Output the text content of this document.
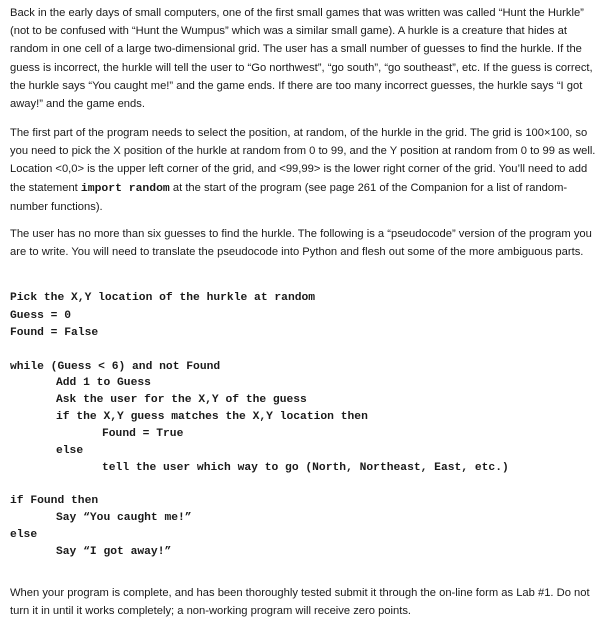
Back in the early days of small computers, one of the first small games that was written was called “Hunt the Hurkle” (not to be confused with “Hunt the Wumpus” which was a similar small game). A hurkle is a creature that hides at random in one cell of a large two-dimensional grid. The user has a small number of guesses to find the hurkle. If the guess is incorrect, the hurkle will tell the user to “Go northwest”, “go south”, “go southeast”, etc. If the guess is correct, the hurkle says “You caught me!” and the game ends. If there are too many incorrect guesses, the hurkle says “I got away!” and the game ends.

The first part of the program needs to select the position, at random, of the hurkle in the grid. The grid is 100×100, so you need to pick the X position of the hurkle at random from 0 to 99, and the Y position at random from 0 to 99 as well. Location <0,0> is the upper left corner of the grid, and <99,99> is the lower right corner of the grid. You’ll need to add the statement import random at the start of the program (see page 261 of the Companion for a list of random-number functions).

The user has no more than six guesses to find the hurkle. The following is a “pseudocode” version of the program you are to write. You will need to translate the pseudocode into Python and flesh out some of the more ambiguous parts.

Pick the X,Y location of the hurkle at random
Guess = 0
Found = False
while (Guess < 6) and not Found
Add 1 to Guess
Ask the user for the X,Y of the guess
if the X,Y guess matches the X,Y location then
Found = True
else
tell the user which way to go (North, Northeast, East, etc.)
if Found then
Say “You caught me!”
else
Say “I got away!”

When your program is complete, and has been thoroughly tested submit it through the on-line form as Lab #1. Do not turn it in until it works completely; a non-working program will receive zero points.
